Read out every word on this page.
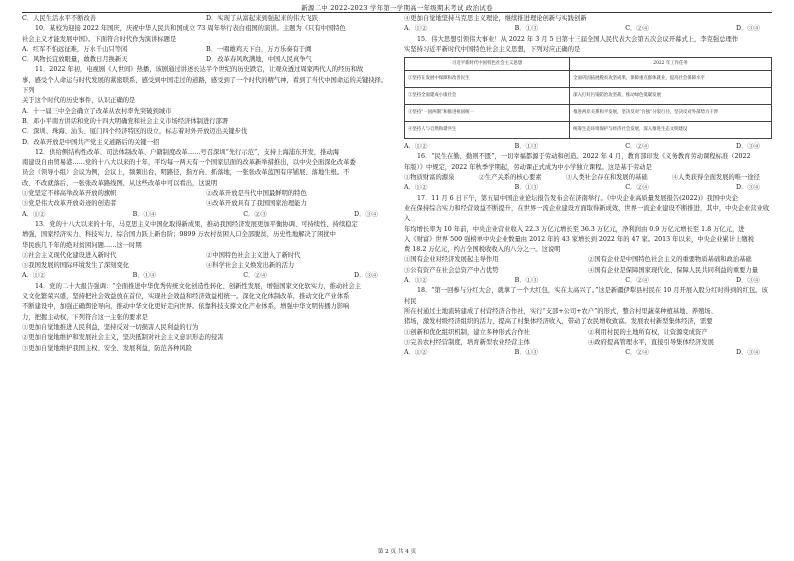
新源二中 2022-2023 学年第一学期高一年级期末考试 政治试卷
C．人民生活水平不断改善	D．实现了从富起来到强起来的伟大飞跃

10．某校为迎接 2022 年国庆，庆祝中华人民共和国成立 73 周年举行表白祖国的演讲。主题为《只有中国特色

社会主义才能发展中国》。下面符合时代作为演讲标题是

A．红军不怕远征难，万水千山只等闲	B．一唱雄鸡天下白，万方乐奏有于阗
C．风物长宜放眼量，敢教日月换新天	D．改革春风吹满地，中国人民真争气

11．2022 年初，电视剧《人世间》热播，该剧通过讲述长达半个世纪的历史跌宕，让观众透过周家两代人的经历和故

事，感受个人命运与时代发展的紧密联系，感受到中国走过的道路，感受到了一个时代的精气神，看到了当代中国命运的关键抉择。下列

关于这个时代的历史事件，认识正确的是

A．十一届三中全会确立了改革从农村率先突破到城市

B．邓小平南方讲话和党的十四大明确党和社会主义市场经济体制进行部署

C．深圳、珠海、汕头、厦门四个经济特区的设立，标志着对外开放迈出关键步伐

D．改革开放是中国共产党主义道路后的关键一招

12．供给侧结构性改革、司法体制改革、户籍制度改革……号召深圳“先行示范”，支持上海浦东开发，推动海

南建设自由贸易港……党的十八大以来的十年，平均每一两天有一个国家层面的改革新举措推出，以中央全面深化改革委

员会（领导小组）会议为例，会议上，频频出台，明路径，指方向、抓落地，一张张改革蓝图有序铺展、落地生根。不

改、不改就落后，一张张改革路线图，从这些改革中可以看出，这说明

①党坚定不移高举改革开放的旗帜	②改革开放是当代中国最鲜明的特色
③党是伟大改革开放奇迹的创造者	④改革开放具有了我国国家治理能力
A．①②	B．①④	C．②③	D．③④

13．党的十八大以来的十年，马克思主义中国化取得新成果，推动我国经济发展更加平衡协调、可持续性、持续稳定

增强，国家经济实力、科技实力、综合国力跃上新台阶；9899 万农村贫困人口全部脱贫，历史性地解决了困扰中

华民族几千年的绝对贫困问题……这一时期

①社会主义现代化建设进入新时代	②中国特色社会主义进入了新时代
③我国发展的国际环境发生了深刻变化	④科学社会主义焕发出新的活力
A．①②	B．①④	C．②④	D．③④

14．党的二十大报告强调：“全面推进中华优秀传统文化创造性转化、创新性发展，增强国家文化软实力，推动社会主

义文化繁荣兴盛，坚持把社会效益放在首位，实现社会效益和经济效益相统一。深化文化体制改革，推动文化产业体系

不断建设中，加强正确舆论导向，推动中华文化更好走向世界。依靠科技支撑文化产业体系，增强中华文明传播力影响

力，把握主动权，下列符合这一主张的要求是

①更加自觉地推进人民利益，坚持反对一切损害人民利益的行为

②更加自觉地维护和发展社会主义，坚决抵制对社会主义意识形态的侵害

③更加自觉地维护我国主权、安全、发展利益，防范各种风险

④更加自觉地坚持马克思主义理论，继续推进理论创新与实践创新

A．①②	B．①③	C．②④	D．③④

15．伟大思想引领伟大事业！从 2022 年 3 月 5 日第十三届全国人民代表大会第五次会议开幕式上，李克强总理作

实坚持习近平新时代中国特色社会主义思想，下列对应正确的是

习近平新时代中国特色社会主义思想	2022 年工作任务
①坚持在发展中保障和改善民生	全面巩固拓展脱贫攻坚成果，保障重点群体就业，提高社会保障水平
②坚持全面建成小康社会	深入打好污染防治攻坚战，推动绿色低碳发展
③坚持“一国两制”和推进祖国统一	推进两岸关系和平发展，坚决反对“台独”分裂行径，坚决反对外部势力干涉
④坚持人与自然和谐共生	统筹生态环境保护与经济社会发展，深入推进生态文明建设
A．①②	B．①③	C．②④	D．③④

16．“民生在勤，勤则不匮”，一切幸福都源于劳动和创造。2022 年 4 月，教育部印发《义务教育劳动课程标准（2022

年版）》中规定，2022 年秋季学期起，劳动课正式成为中小学独立课程。这是基于劳动是

①物质财富的源泉	②生产关系的核心要素	③人类社会存在和发展的基础	④人类获得全面发展的唯一途径
A．①②	B．①③	C．②④	D．③④

17．11 月 6 日下午，第五届中国企业论坛报告发布会在济南举行。《中央企业高质量发展报告(2022)》我国中央企

业在保持综合实力和经营效益不断提升，在世界一流企业建设方面取得新成效，世界一流企业建设不断推进，其中，中央企业营业收入

年均增长率为 10 年前，中央企业营业收入 22.3 万亿元增长至 36.3 万亿元，净利润由 0.9 万亿元增长至 1.8 万亿元，进

入《财富》世界 500 强榜单中央企业数量由 2012 年的 43 家增长到 2022 年的 47 家。2013 年以来，中央企业累计上缴税

费 18.2 万亿元，约占全国税收收入的八分之一。这说明

①国有企业对经济发展起主导作用	②国有企业是中国特色社会主义的重要物质基础和政治基础
③公有资产在社会总资产中占优势	④国有企业是保障国家现代化、保障人民共同利益的重要力量
A．①②	B．①③	C．②④	D．③④

18．“第一回参与分红大会，就拿了一个大红包，实在太高兴了。”这是新疆伊犁县村民在 10 月开展入股分红时得到的红包。该村民

所在村通过土地流转建成了村营经济合作社，实行“支部+公司+农户”的形式，整合村里蔬菜种植基地、养殖场、

猪场，激发村级经济组织的活力，提高了村集体经济收入，带动了农民增收致富。发展农村新型集体经济，需要

①创新和优化组织机制，建立多种形式合作社	②利用村民的土地所有权，让资源变成资产
③完善农村经营制度，培育新型农业经营主体	④政府提高管理水平，直接引导集体经济发展
A．①②	B．①③	C．②④	D．③④
第 2 页 共 4 页
